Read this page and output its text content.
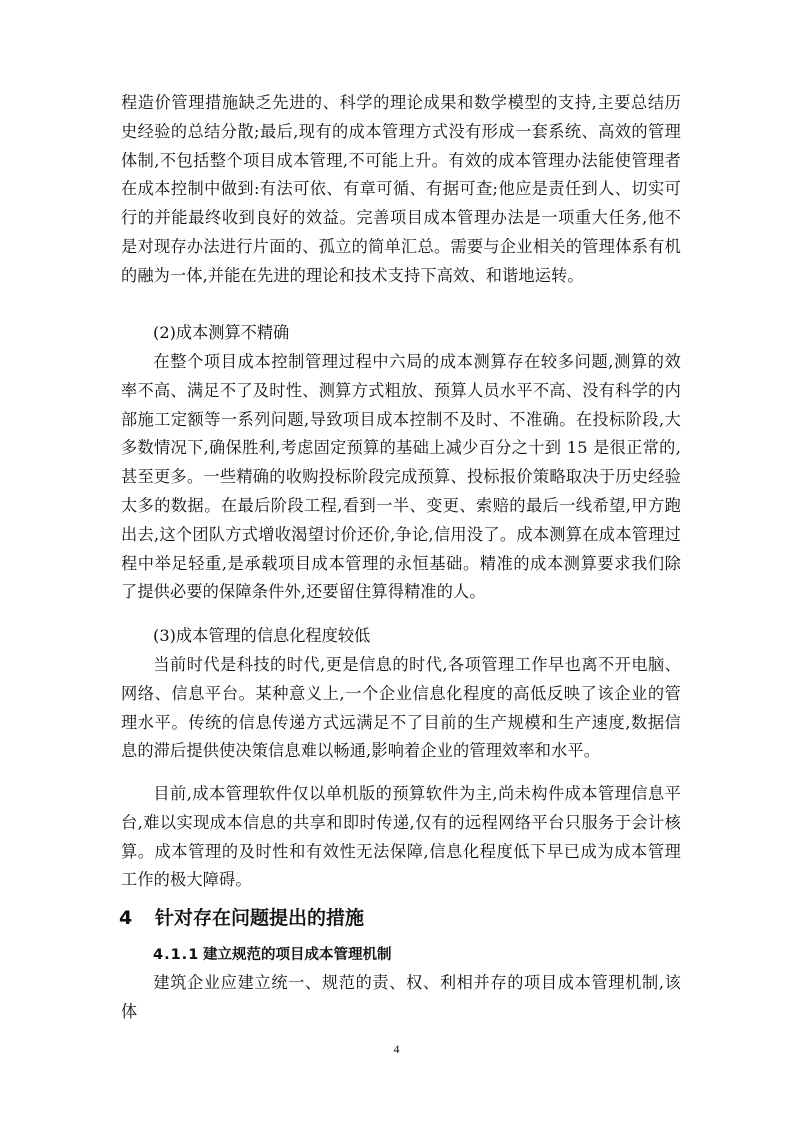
程造价管理措施缺乏先进的、科学的理论成果和数学模型的支持,主要总结历史经验的总结分散;最后,现有的成本管理方式没有形成一套系统、高效的管理体制,不包括整个项目成本管理,不可能上升。有效的成本管理办法能使管理者在成本控制中做到:有法可依、有章可循、有据可查;他应是责任到人、切实可行的并能最终收到良好的效益。完善项目成本管理办法是一项重大任务,他不是对现存办法进行片面的、孤立的简单汇总。需要与企业相关的管理体系有机的融为一体,并能在先进的理论和技术支持下高效、和谐地运转。

(2)成本测算不精确

在整个项目成本控制管理过程中六局的成本测算存在较多问题,测算的效率不高、满足不了及时性、测算方式粗放、预算人员水平不高、没有科学的内部施工定额等一系列问题,导致项目成本控制不及时、不准确。在投标阶段,大多数情况下,确保胜利,考虑固定预算的基础上减少百分之十到 15 是很正常的,甚至更多。一些精确的收购投标阶段完成预算、投标报价策略取决于历史经验太多的数据。在最后阶段工程,看到一半、变更、索赔的最后一线希望,甲方跑出去,这个团队方式增收渴望讨价还价,争论,信用没了。成本测算在成本管理过程中举足轻重,是承载项目成本管理的永恒基础。精准的成本测算要求我们除了提供必要的保障条件外,还要留住算得精准的人。

(3)成本管理的信息化程度较低

当前时代是科技的时代,更是信息的时代,各项管理工作早也离不开电脑、网络、信息平台。某种意义上,一个企业信息化程度的高低反映了该企业的管理水平。传统的信息传递方式远满足不了目前的生产规模和生产速度,数据信息的滞后提供使决策信息难以畅通,影响着企业的管理效率和水平。

目前,成本管理软件仅以单机版的预算软件为主,尚未构件成本管理信息平台,难以实现成本信息的共享和即时传递,仅有的远程网络平台只服务于会计核算。成本管理的及时性和有效性无法保障,信息化程度低下早已成为成本管理工作的极大障碍。

4 针对存在问题提出的措施
4.1.1 建立规范的项目成本管理机制

建筑企业应建立统一、规范的责、权、利相并存的项目成本管理机制,该体

4
